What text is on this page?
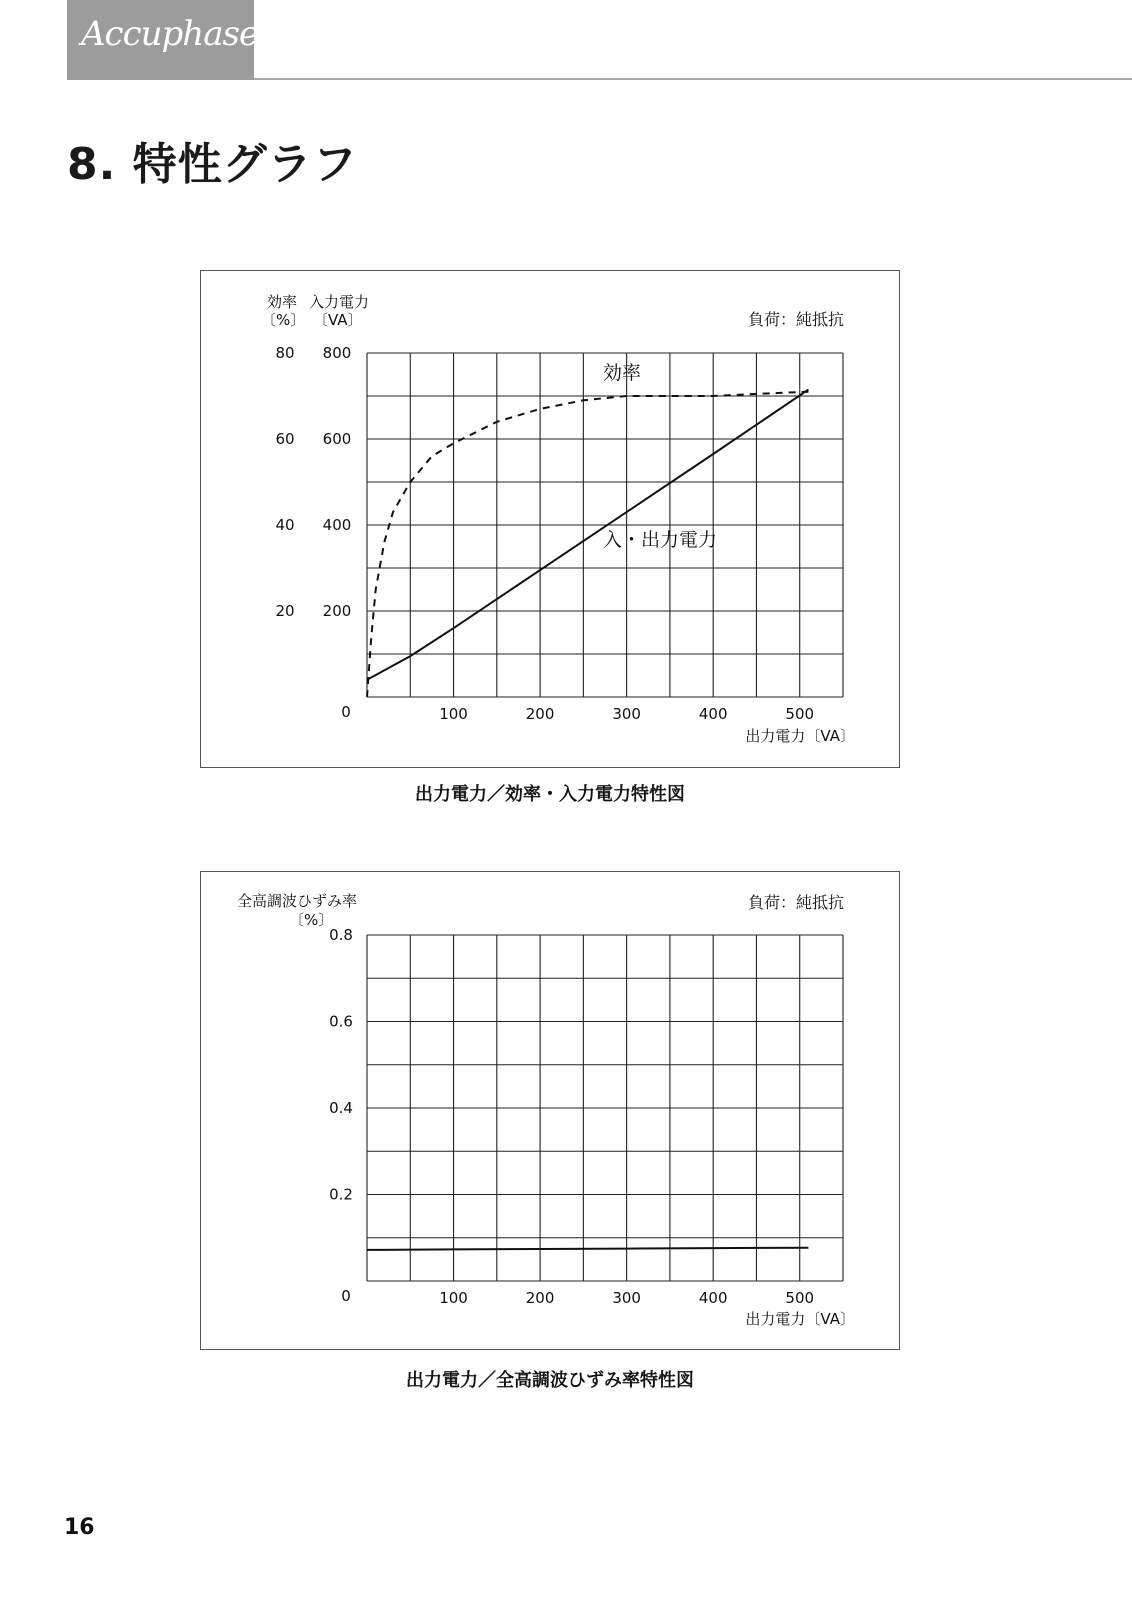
Accuphase
8. 特性グラフ
効率
〔%〕
入力電力
〔VA〕	負荷：純抵抗
出力電力〔VA〕
0
80
60
40
20
800
600
400
200
100	200	300	400	500
効率
入・出力電力
出力電力／効率・入力電力特性図
全高調波ひずみ率
〔%〕
負荷：純抵抗
出力電力〔VA〕
0
0.8
0.6
0.4
0.2
100	200	300	400	500
出力電力／全高調波ひずみ率特性図
16
